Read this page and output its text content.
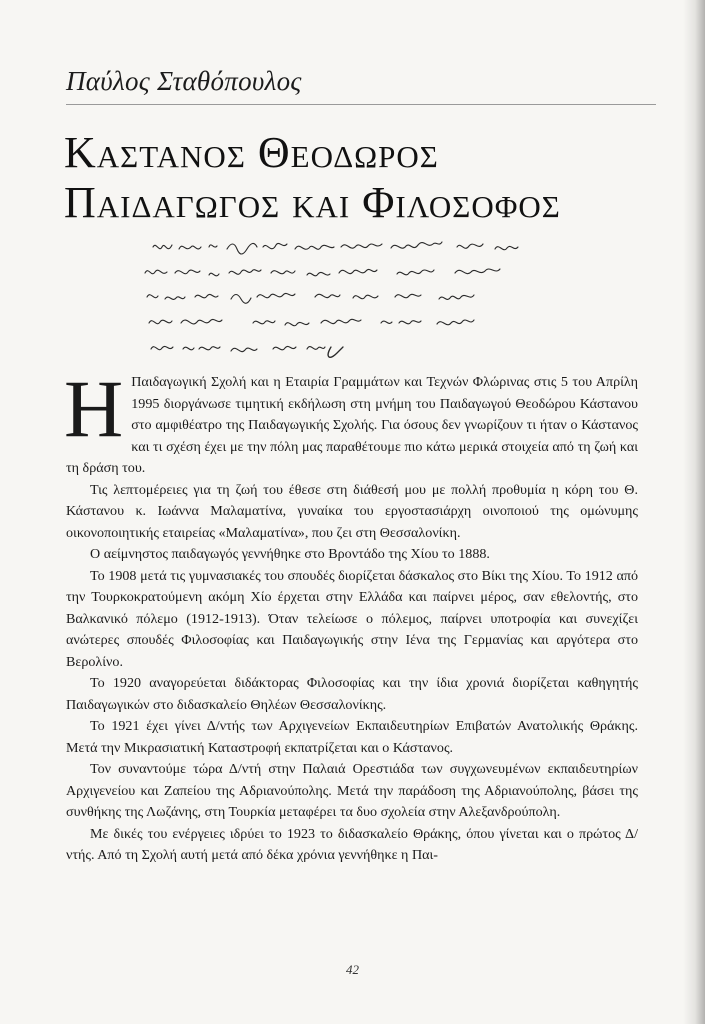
Παύλος Σταθόπουλος
Καστανος Θεοδωρος
Παιδαγωγος και Φιλοσοφος

Η Παιδαγωγική Σχολή και η Εταιρία Γραμμάτων και Τεχνών Φλώρινας στις 5 του Απρίλη 1995 διοργάνωσε τιμητική εκδήλωση στη μνήμη του Παιδαγωγού Θεοδώρου Κάστανου στο αμφιθέατρο της Παιδαγωγικής Σχολής. Για όσους δεν γνωρίζουν τι ήταν ο Κάστανος και τι σχέση έχει με την πόλη μας παραθέτουμε πιο κάτω μερικά στοιχεία από τη ζωή και τη δράση του.

Τις λεπτομέρειες για τη ζωή του έθεσε στη διάθεσή μου με πολλή προθυμία η κόρη του Θ. Κάστανου κ. Ιωάννα Μαλαματίνα, γυναίκα του εργοστασιάρχη οινοποιού της ομώνυμης οικονοποιητικής εταιρείας «Μαλαματίνα», που ζει στη Θεσσαλονίκη.

Ο αείμνηστος παιδαγωγός γεννήθηκε στο Βροντάδο της Χίου το 1888.

Το 1908 μετά τις γυμνασιακές του σπουδές διορίζεται δάσκαλος στο Βίκι της Χίου. Το 1912 από την Τουρκοκρατούμενη ακόμη Χίο έρχεται στην Ελλάδα και παίρνει μέρος, σαν εθελοντής, στο Βαλκανικό πόλεμο (1912-1913). Όταν τελείωσε ο πόλεμος, παίρνει υποτροφία και συνεχίζει ανώτερες σπουδές Φιλοσοφίας και Παιδαγωγικής στην Ιένα της Γερμανίας και αργότερα στο Βερολίνο.

Το 1920 αναγορεύεται διδάκτορας Φιλοσοφίας και την ίδια χρονιά διορίζεται καθηγητής Παιδαγωγικών στο διδασκαλείο Θηλέων Θεσσαλονίκης.

Το 1921 έχει γίνει Δ/ντής των Αρχιγενείων Εκπαιδευτηρίων Επιβατών Ανατολικής Θράκης. Μετά την Μικρασιατική Καταστροφή εκπατρίζεται και ο Κάστανος.

Τον συναντούμε τώρα Δ/ντή στην Παλαιά Ορεστιάδα των συγχωνευμένων εκπαιδευτηρίων Αρχιγενείου και Ζαπείου της Αδριανούπολης. Μετά την παράδοση της Αδριανούπολης, βάσει της συνθήκης της Λωζάνης, στη Τουρκία μεταφέρει τα δυο σχολεία στην Αλεξανδρούπολη.

Με δικές του ενέργειες ιδρύει το 1923 το διδασκαλείο Θράκης, όπου γίνεται και ο πρώτος Δ/ντής. Από τη Σχολή αυτή μετά από δέκα χρόνια γεννήθηκε η Παι-

42
